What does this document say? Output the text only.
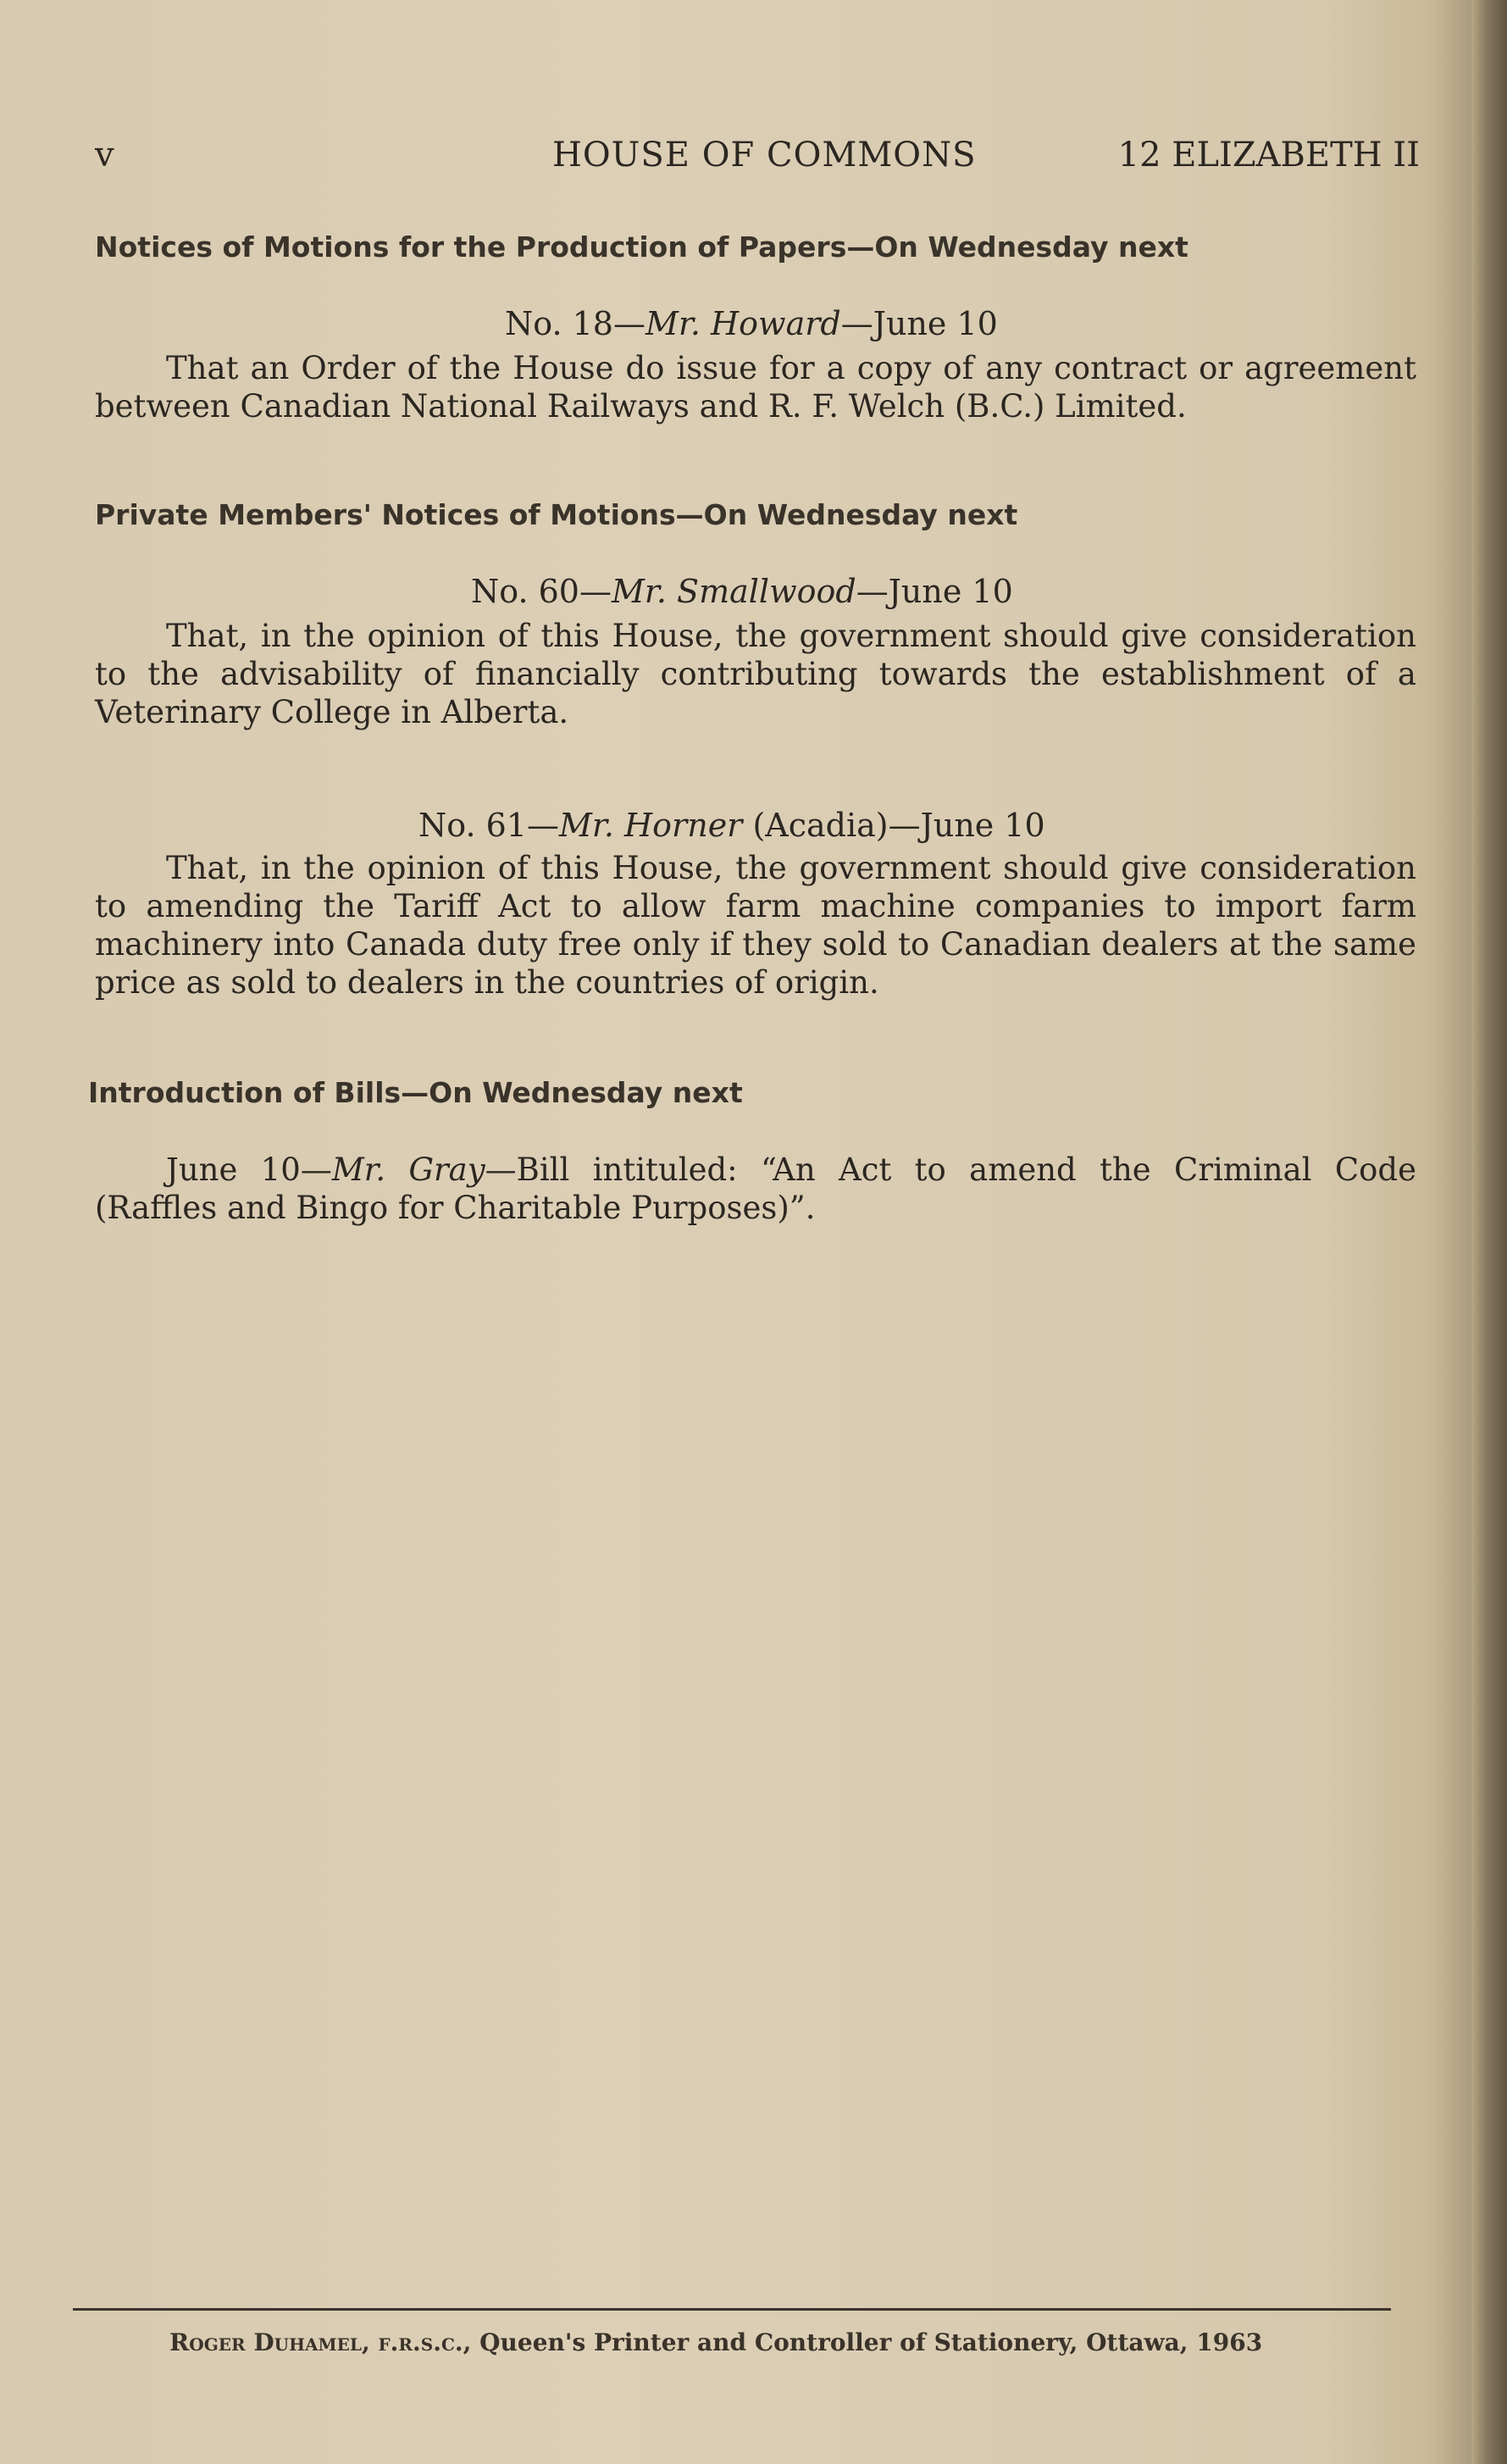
v	HOUSE OF COMMONS	12 ELIZABETH II
Notices of Motions for the Production of Papers—On Wednesday next
No. 18—Mr. Howard—June 10
That an Order of the House do issue for a copy of any contract or agreement between Canadian National Railways and R. F. Welch (B.C.) Limited.
Private Members' Notices of Motions—On Wednesday next
No. 60—Mr. Smallwood—June 10
That, in the opinion of this House, the government should give consideration to the advisability of financially contributing towards the establishment of a Veterinary College in Alberta.
No. 61—Mr. Horner (Acadia)—June 10
That, in the opinion of this House, the government should give consideration to amending the Tariff Act to allow farm machine companies to import farm machinery into Canada duty free only if they sold to Canadian dealers at the same price as sold to dealers in the countries of origin.
Introduction of Bills—On Wednesday next
June 10—Mr. Gray—Bill intituled: “An Act to amend the Criminal Code (Raffles and Bingo for Charitable Purposes)”.
Roger Duhamel, f.r.s.c., Queen's Printer and Controller of Stationery, Ottawa, 1963
